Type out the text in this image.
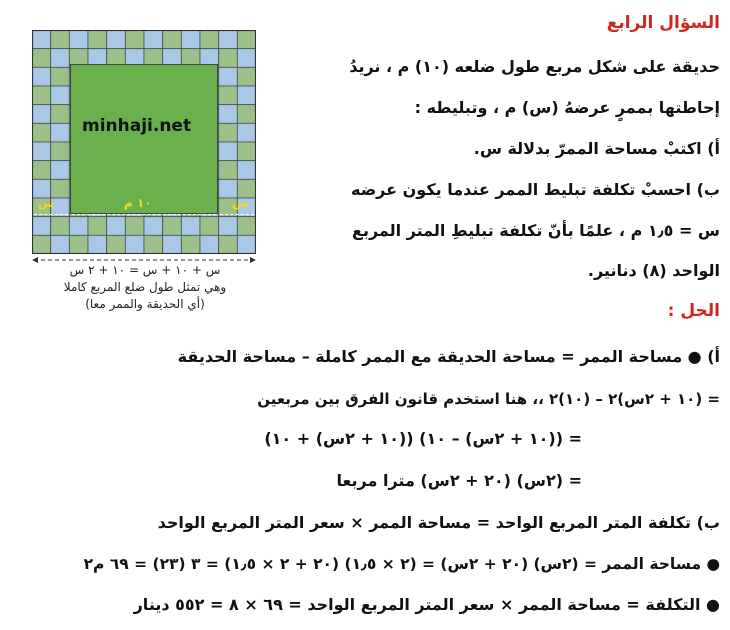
السؤال الرابع
حديقة على شكل مربع طول ضلعه (١٠) م ، نريدُ
إحاطتها بممرٍ عرضهُ (س) م ، وتبليطه :
أ) اكتبْ مساحة الممرّ بدلالة س.
ب) احسبْ تكلفة تبليط الممر عندما يكون عرضه
س = ١٫٥ م ، علمًا بأنّ تكلفة تبليطِ المتر المربع
الواحد (٨) دنانير.
minhaji.net
س	١٠ م	س
س + ١٠ + س = ١٠ + ٢ س
وهي تمثل طول ضلع المربع كاملا
(أي الحديقة والممر معا)	الحل :
أ) ● مساحة الممر = مساحة الحديقة مع الممر كاملة – مساحة الحديقة
= (١٠ + ٢س)٢ – (١٠)٢ ،، هنا استخدم قانون الفرق بين مربعين
= ((١٠ + ٢س) – ١٠) ((١٠ + ٢س) + ١٠)
= (٢س) (٢٠ + ٢س) مترا مربعا
ب) تكلفة المتر المربع الواحد = مساحة الممر × سعر المتر المربع الواحد
● مساحة الممر = (٢س) (٢٠ + ٢س) = (٢ × ١٫٥) (٢٠ + ٢ × ١٫٥) = ٣ (٢٣) = ٦٩ م٢
● التكلفة = مساحة الممر × سعر المتر المربع الواحد = ٦٩ × ٨ = ٥٥٢ دينار
